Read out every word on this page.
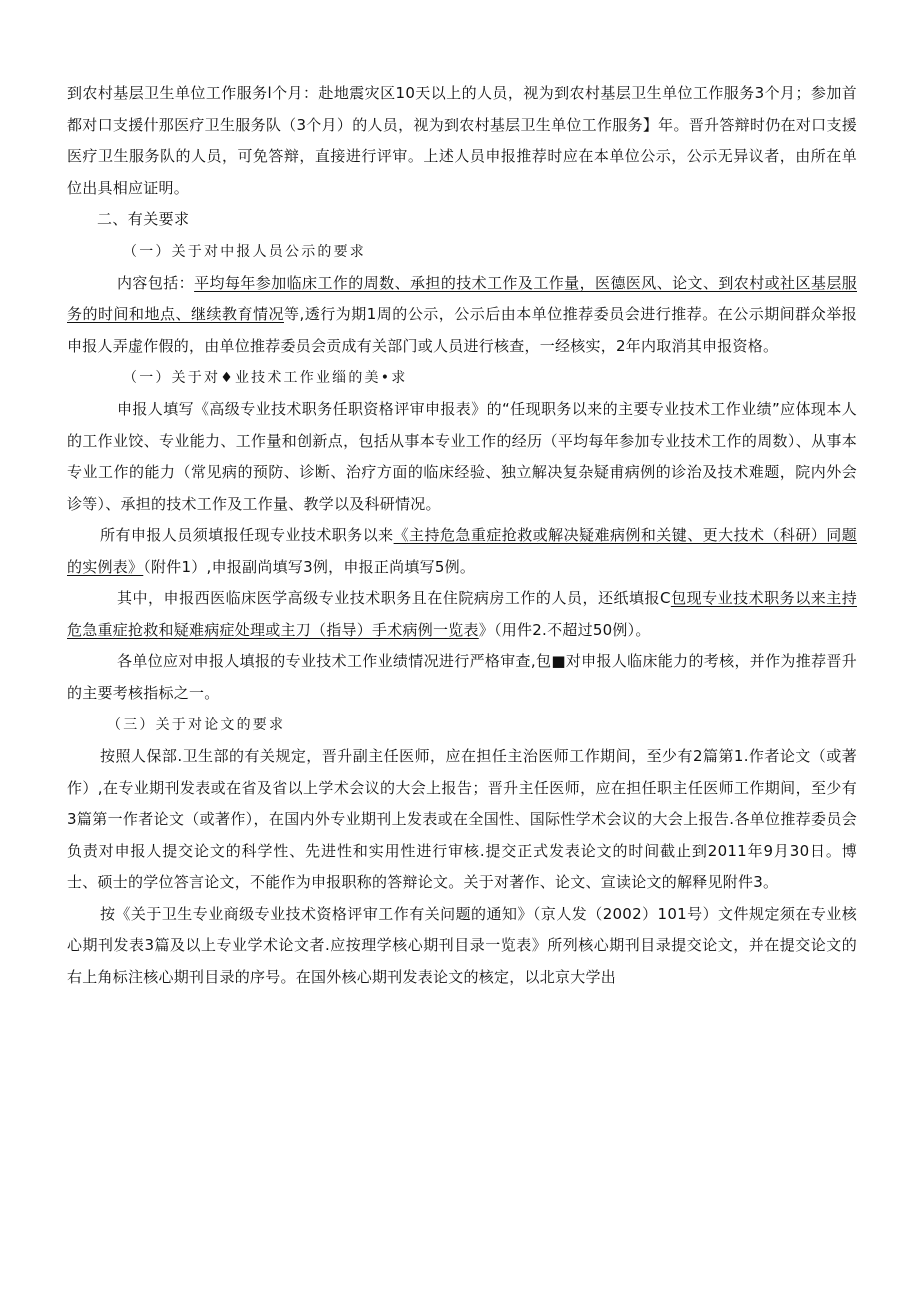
到农村基层卫生单位工作服务l个月：赴地震灾区10天以上的人员，视为到农村基层卫生单位工作服务3个月；参加首都对口支援什那医疗卫生服务队（3个月）的人员，视为到农村基层卫生单位工作服务】年。晋升答辩时仍在对口支援医疗卫生服务队的人员，可免答辩，直接进行评审。上述人员申报推荐时应在本单位公示，公示无异议者，由所在单位出具相应证明。

二、有关要求

（一）关于对中报人员公示的要求

内容包括：平均每年参加临床工作的周数、承担的技术工作及工作量，医德医风、论文、到农村或社区基层服务的时间和地点、继续教育情况等,透行为期1周的公示，公示后由本单位推荐委员会进行推荐。在公示期间群众举报申报人弄虚作假的，由单位推荐委员会贡成有关部门或人员进行核查，一经核实，2年内取消其申报资格。

（一）关于对♦业技术工作业缁的美•求

申报人填写《高级专业技术职务任职资格评审申报表》的“任现职务以来的主要专业技术工作业绩”应体现本人的工作业饺、专业能力、工作量和创新点，包括从事本专业工作的经历（平均每年参加专业技术工作的周数）、从事本专业工作的能力（常见病的预防、诊断、治疗方面的临床经验、独立解决复杂疑甫病例的诊治及技术难题，院内外会诊等）、承担的技术工作及工作量、教学以及科研情况。

所有申报人员须填报任现专业技术职务以来《主持危急重症抢救或解决疑难病例和关键、更大技术（科研）同题的实例表》（附件1）,申报副尚填写3例，申报正尚填写5例。

其中，申报西医临床医学高级专业技术职务且在住院病房工作的人员，还纸填报C包现专业技术职务以来主持危急重症抢救和疑难病症处理或主刀（指导）手术病例一览表》（用件2.不超过50例）。

各单位应对申报人填报的专业技术工作业绩情况进行严格审查,包■对申报人临床能力的考核，并作为推荐晋升的主要考核指标之一。

（三）关于对论文的要求

按照人保部.卫生部的有关规定，晋升副主任医师，应在担任主治医师工作期间，至少有2篇第1.作者论文（或著作）,在专业期刊发表或在省及省以上学术会议的大会上报告；晋升主任医师，应在担任职主任医师工作期间，至少有3篇第一作者论文（或著作），在国内外专业期刊上发表或在全国性、国际性学术会议的大会上报告.各单位推荐委员会负责对申报人提交论文的科学性、先进性和实用性进行审核.提交正式发表论文的时间截止到2011年9月30日。博士、硕士的学位答言论文，不能作为申报职称的答辩论文。关于对著作、论文、宣读论文的解释见附件3。

按《关于卫生专业商级专业技术资格评审工作有关问题的通知》（京人发（2002）101号）文件规定须在专业核心期刊发表3篇及以上专业学术论文者.应按理学核心期刊目录一览表》所列核心期刊目录提交论文，并在提交论文的右上角标注核心期刊目录的序号。在国外核心期刊发表论文的核定，以北京大学出
